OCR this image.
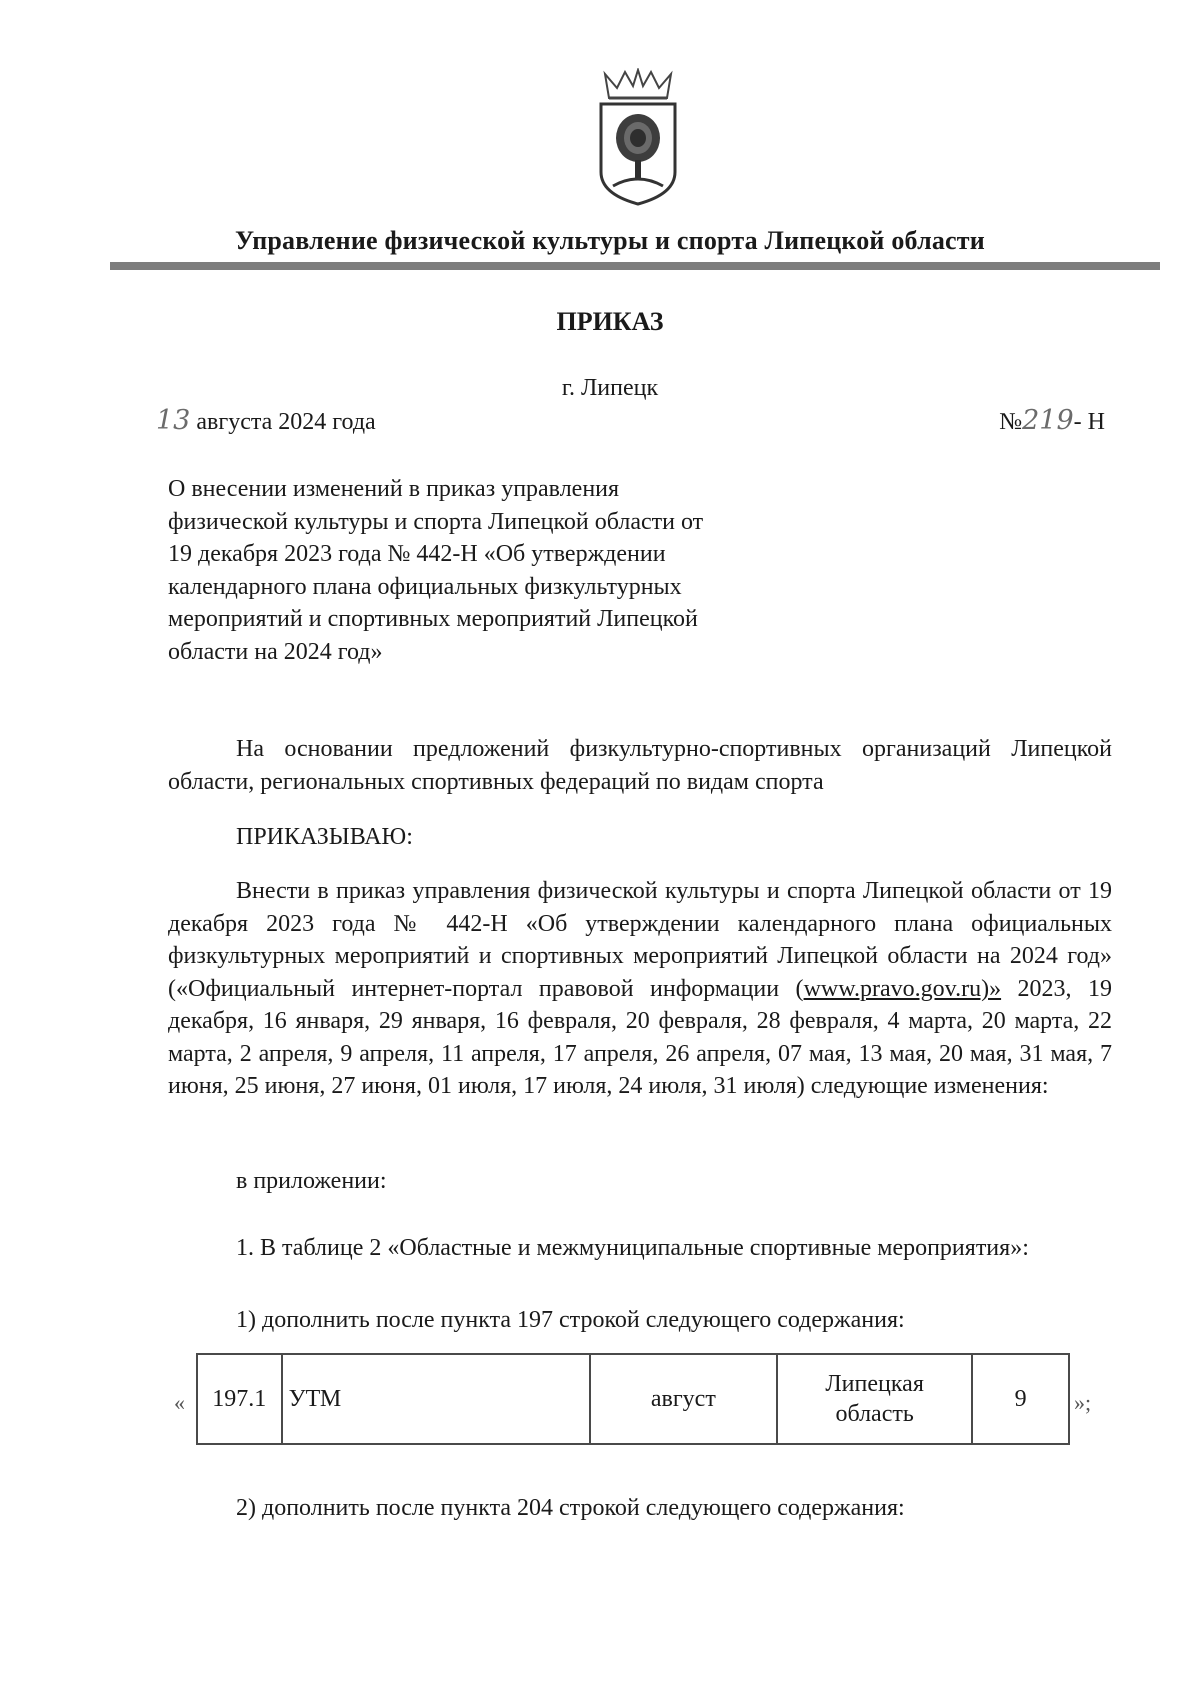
Управление физической культуры и спорта Липецкой области
ПРИКАЗ
г. Липецк
13 августа 2024 года	№219- Н
О внесении изменений в приказ управления физической культуры и спорта Липецкой области от 19 декабря 2023 года № 442-Н «Об утверждении календарного плана официальных физкультурных мероприятий и спортивных мероприятий Липецкой области на 2024 год»
На основании предложений физкультурно-спортивных организаций Липецкой области, региональных спортивных федераций по видам спорта
ПРИКАЗЫВАЮ:
Внести в приказ управления физической культуры и спорта Липецкой области от 19 декабря 2023 года № 442-Н «Об утверждении календарного плана официальных физкультурных мероприятий и спортивных мероприятий Липецкой области на 2024 год» («Официальный интернет-портал правовой информации (www.pravo.gov.ru)» 2023, 19 декабря, 16 января, 29 января, 16 февраля, 20 февраля, 28 февраля, 4 марта, 20 марта, 22 марта, 2 апреля, 9 апреля, 11 апреля, 17 апреля, 26 апреля, 07 мая, 13 мая, 20 мая, 31 мая, 7 июня, 25 июня, 27 июня, 01 июля, 17 июля, 24 июля, 31 июля) следующие изменения:
в приложении:
1. В таблице 2 «Областные и межмуниципальные спортивные мероприятия»:
1) дополнить после пункта 197 строкой следующего содержания:
« 197.1	УТМ	август	Липецкая область	9 »;
2) дополнить после пункта 204 строкой следующего содержания:
